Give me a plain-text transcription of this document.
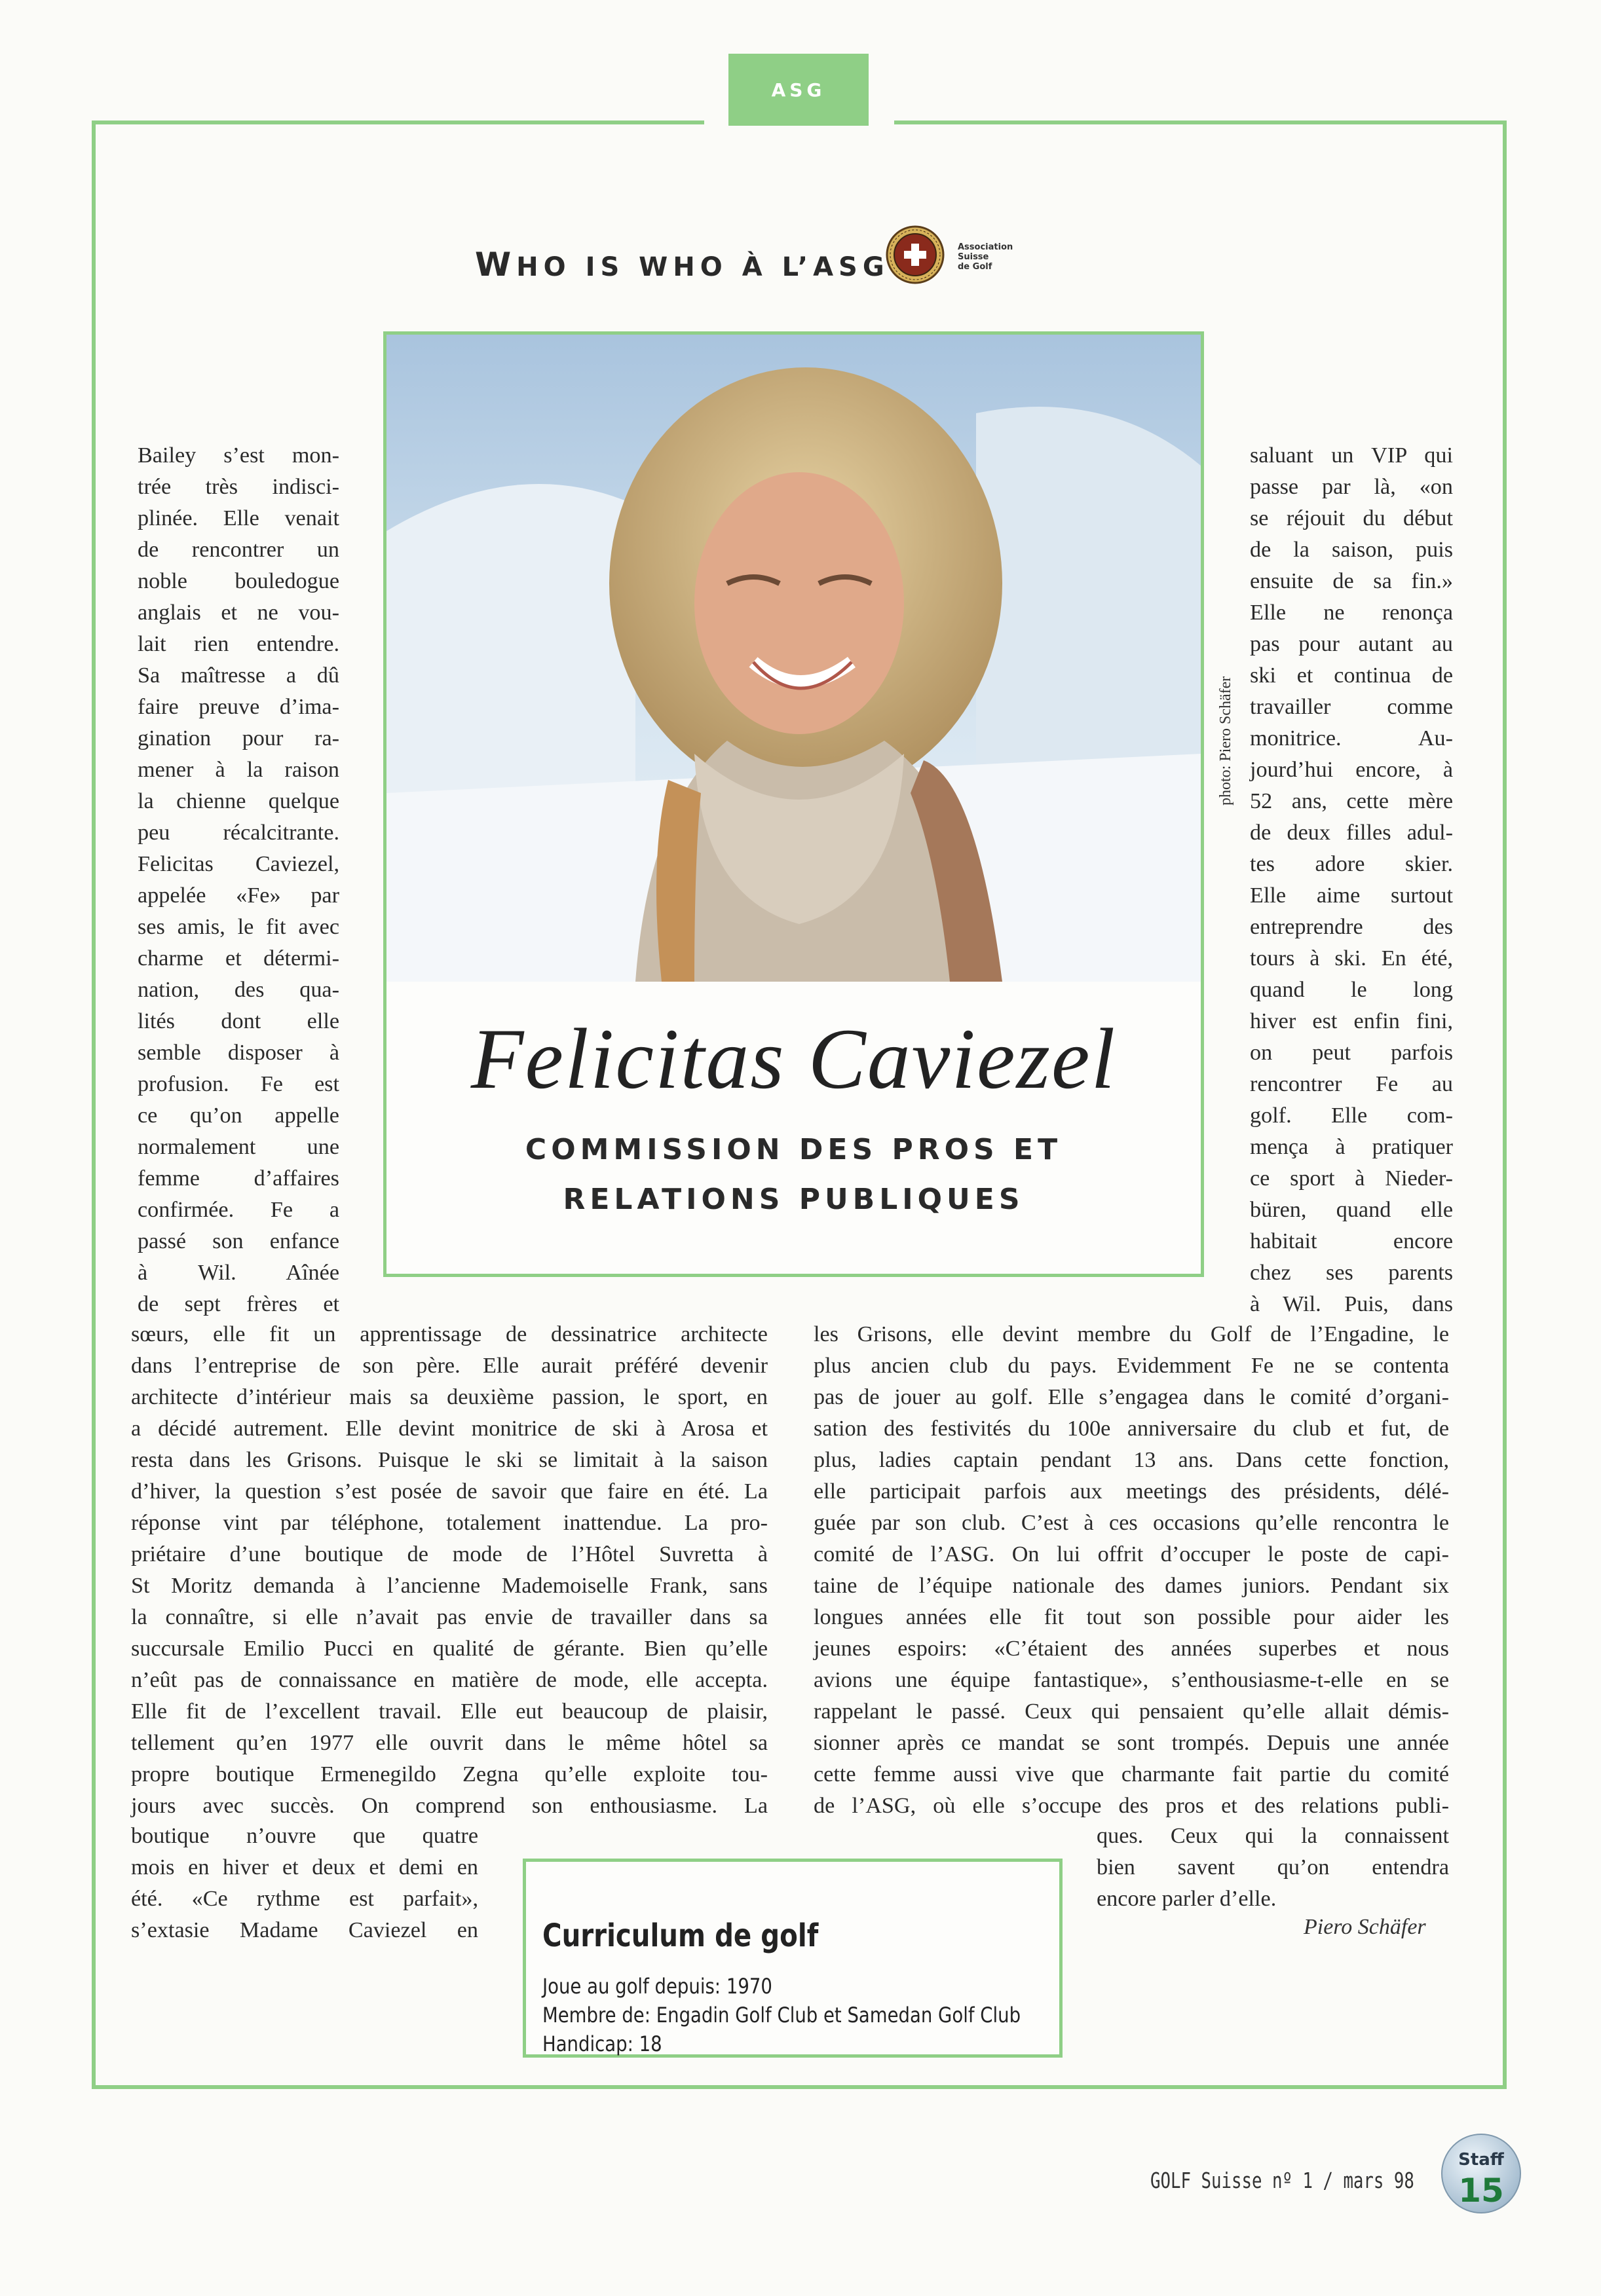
ASG
WHO IS WHO À L’ASG
Association
Suisse
de Golf
photo: Piero Schäfer
Felicitas Caviezel
COMMISSION DES PROS ET
RELATIONS PUBLIQUES
Bailey s’est mon-
trée très indisci-
plinée. Elle venait
de rencontrer un
noble bouledogue
anglais et ne vou-
lait rien entendre.
Sa maîtresse a dû
faire preuve d’ima-
gination pour ra-
mener à la raison
la chienne quelque
peu récalcitrante.
Felicitas Caviezel,
appelée «Fe» par
ses amis, le fit avec
charme et détermi-
nation, des qua-
lités dont elle
semble disposer à
profusion. Fe est
ce qu’on appelle
normalement une
femme d’affaires
confirmée. Fe a
passé son enfance
à Wil. Aînée
de sept frères et
saluant un VIP qui
passe par là, «on
se réjouit du début
de la saison, puis
ensuite de sa fin.»
Elle ne renonça
pas pour autant au
ski et continua de
travailler comme
monitrice. Au-
jourd’hui encore, à
52 ans, cette mère
de deux filles adul-
tes adore skier.
Elle aime surtout
entreprendre des
tours à ski. En été,
quand le long
hiver est enfin fini,
on peut parfois
rencontrer Fe au
golf. Elle com-
mença à pratiquer
ce sport à Nieder-
büren, quand elle
habitait encore
chez ses parents
à Wil. Puis, dans
sœurs, elle fit un apprentissage de dessinatrice architecte
dans l’entreprise de son père. Elle aurait préféré devenir
architecte d’intérieur mais sa deuxième passion, le sport, en
a décidé autrement. Elle devint monitrice de ski à Arosa et
resta dans les Grisons. Puisque le ski se limitait à la saison
d’hiver, la question s’est posée de savoir que faire en été. La
réponse vint par téléphone, totalement inattendue. La pro-
priétaire d’une boutique de mode de l’Hôtel Suvretta à
St Moritz demanda à l’ancienne Mademoiselle Frank, sans
la connaître, si elle n’avait pas envie de travailler dans sa
succursale Emilio Pucci en qualité de gérante. Bien qu’elle
n’eût pas de connaissance en matière de mode, elle accepta.
Elle fit de l’excellent travail. Elle eut beaucoup de plaisir,
tellement qu’en 1977 elle ouvrit dans le même hôtel sa
propre boutique Ermenegildo Zegna qu’elle exploite tou-
jours avec succès. On comprend son enthousiasme. La
les Grisons, elle devint membre du Golf de l’Engadine, le
plus ancien club du pays. Evidemment Fe ne se contenta
pas de jouer au golf. Elle s’engagea dans le comité d’organi-
sation des festivités du 100e anniversaire du club et fut, de
plus, ladies captain pendant 13 ans. Dans cette fonction,
elle participait parfois aux meetings des présidents, délé-
guée par son club. C’est à ces occasions qu’elle rencontra le
comité de l’ASG. On lui offrit d’occuper le poste de capi-
taine de l’équipe nationale des dames juniors. Pendant six
longues années elle fit tout son possible pour aider les
jeunes espoirs: «C’étaient des années superbes et nous
avions une équipe fantastique», s’enthousiasme-t-elle en se
rappelant le passé. Ceux qui pensaient qu’elle allait démis-
sionner après ce mandat se sont trompés. Depuis une année
cette femme aussi vive que charmante fait partie du comité
de l’ASG, où elle s’occupe des pros et des relations publi-
boutique n’ouvre que quatre
mois en hiver et deux et demi en
été. «Ce rythme est parfait»,
s’extasie Madame Caviezel en
ques. Ceux qui la connaissent
bien savent qu’on entendra
encore parler d’elle.
Piero Schäfer
Curriculum de golf
Joue au golf depuis: 1970
Membre de: Engadin Golf Club et Samedan Golf Club
Handicap: 18
GOLF Suisse nº 1 / mars 98
Staff
15
